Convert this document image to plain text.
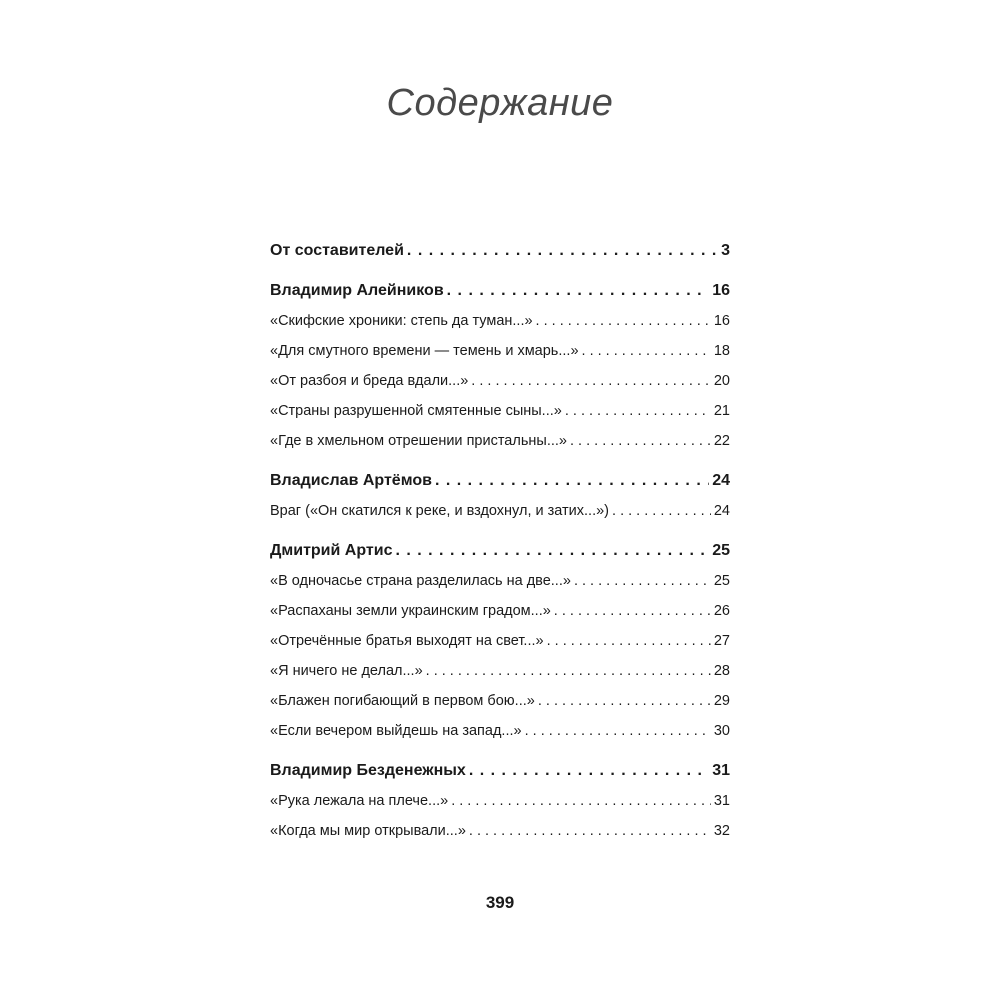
Содержание
От составителей . . .	3
Владимир Алейников . . .	16
«Скифские хроники: степь да туман...» . . .	16
«Для смутного времени — темень и хмарь...» . . .	18
«От разбоя и бреда вдали...» . . .	20
«Страны разрушенной смятенные сыны...» . . .	21
«Где в хмельном отрешении пристальны...» . . .	22
Владислав Артёмов . . .	24
Враг («Он скатился к реке, и вздохнул, и затих...») . . .	24
Дмитрий Артис . . .	25
«В одночасье страна разделилась на две...» . . .	25
«Распаханы земли украинским градом...» . . .	26
«Отречённые братья выходят на свет...» . . .	27
«Я ничего не делал...» . . .	28
«Блажен погибающий в первом бою...» . . .	29
«Если вечером выйдешь на запад...» . . .	30
Владимир Безденежных . . .	31
«Рука лежала на плече...» . . .	31
«Когда мы мир открывали...» . . .	32
399
